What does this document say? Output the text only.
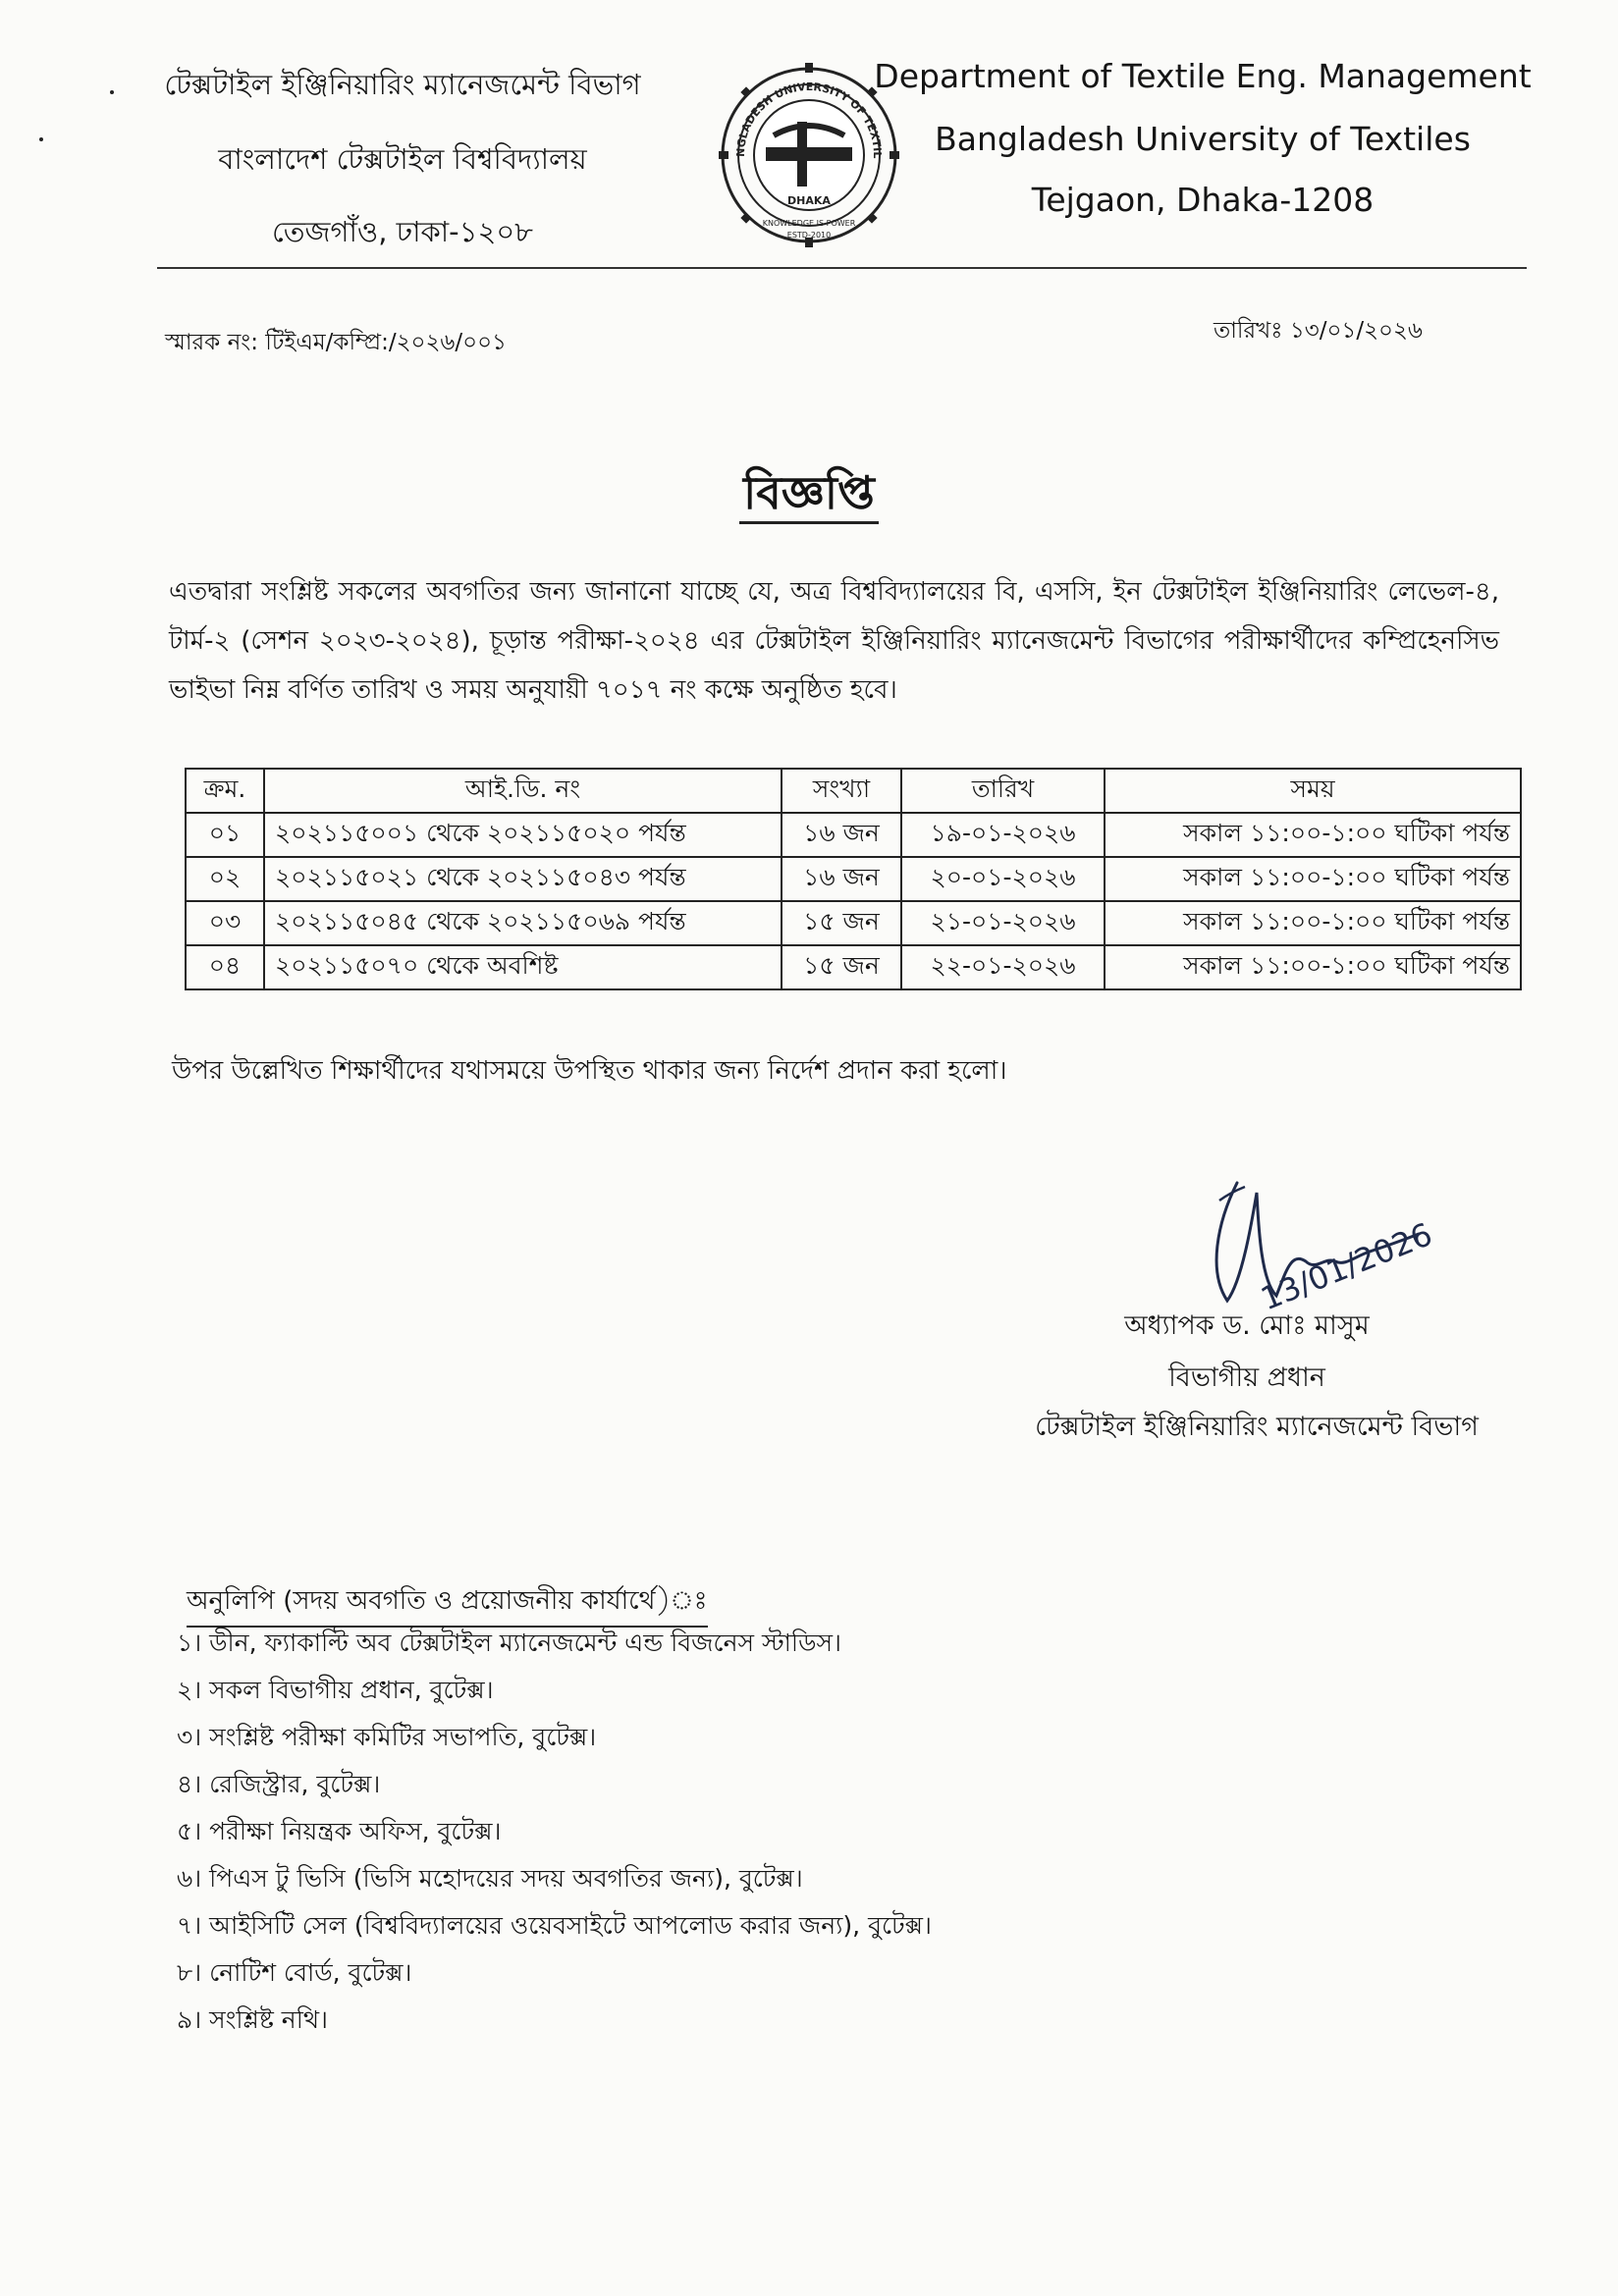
টেক্সটাইল ইঞ্জিনিয়ারিং ম্যানেজমেন্ট বিভাগ
বাংলাদেশ টেক্সটাইল বিশ্ববিদ্যালয়
তেজগাঁও, ঢাকা-১২০৮
NGLADESH UNIVERSITY OF TEXTIL
DHAKA
KNOWLEDGE IS POWER
ESTD-2010
Department of Textile Eng. Management
Bangladesh University of Textiles
Tejgaon, Dhaka-1208
স্মারক নং: টিইএম/কম্প্রি:/২০২৬/০০১	তারিখঃ ১৩/০১/২০২৬
বিজ্ঞপ্তি
এতদ্বারা সংশ্লিষ্ট সকলের অবগতির জন্য জানানো যাচ্ছে যে, অত্র বিশ্ববিদ্যালয়ের বি, এসসি, ইন টেক্সটাইল ইঞ্জিনিয়ারিং লেভেল-৪, টার্ম-২ (সেশন ২০২৩-২০২৪), চূড়ান্ত পরীক্ষা-২০২৪ এর টেক্সটাইল ইঞ্জিনিয়ারিং ম্যানেজমেন্ট বিভাগের পরীক্ষার্থীদের কম্প্রিহেনসিভ ভাইভা নিম্ন বর্ণিত তারিখ ও সময় অনুযায়ী ৭০১৭ নং কক্ষে অনুষ্ঠিত হবে।
ক্রম.	আই.ডি. নং	সংখ্যা	তারিখ	সময়
০১	২০২১১৫০০১ থেকে ২০২১১৫০২০ পর্যন্ত	১৬ জন	১৯-০১-২০২৬	সকাল ১১:০০-১:০০ ঘটিকা পর্যন্ত
০২	২০২১১৫০২১ থেকে ২০২১১৫০৪৩ পর্যন্ত	১৬ জন	২০-০১-২০২৬	সকাল ১১:০০-১:০০ ঘটিকা পর্যন্ত
০৩	২০২১১৫০৪৫ থেকে ২০২১১৫০৬৯ পর্যন্ত	১৫ জন	২১-০১-২০২৬	সকাল ১১:০০-১:০০ ঘটিকা পর্যন্ত
০৪	২০২১১৫০৭০ থেকে অবশিষ্ট	১৫ জন	২২-০১-২০২৬	সকাল ১১:০০-১:০০ ঘটিকা পর্যন্ত
উপর উল্লেখিত শিক্ষার্থীদের যথাসময়ে উপস্থিত থাকার জন্য নির্দেশ প্রদান করা হলো।
13/01/2026
অধ্যাপক ড. মোঃ মাসুম
বিভাগীয় প্রধান
টেক্সটাইল ইঞ্জিনিয়ারিং ম্যানেজমেন্ট বিভাগ
অনুলিপি (সদয় অবগতি ও প্রয়োজনীয় কার্যার্থে)ঃ
১। ডীন, ফ্যাকাল্টি অব টেক্সটাইল ম্যানেজমেন্ট এন্ড বিজনেস স্টাডিস।
২। সকল বিভাগীয় প্রধান, বুটেক্স।
৩। সংশ্লিষ্ট পরীক্ষা কমিটির সভাপতি, বুটেক্স।
৪। রেজিস্ট্রার, বুটেক্স।
৫। পরীক্ষা নিয়ন্ত্রক অফিস, বুটেক্স।
৬। পিএস টু ভিসি (ভিসি মহোদয়ের সদয় অবগতির জন্য), বুটেক্স।
৭। আইসিটি সেল (বিশ্ববিদ্যালয়ের ওয়েবসাইটে আপলোড করার জন্য), বুটেক্স।
৮। নোটিশ বোর্ড, বুটেক্স।
৯। সংশ্লিষ্ট নথি।
